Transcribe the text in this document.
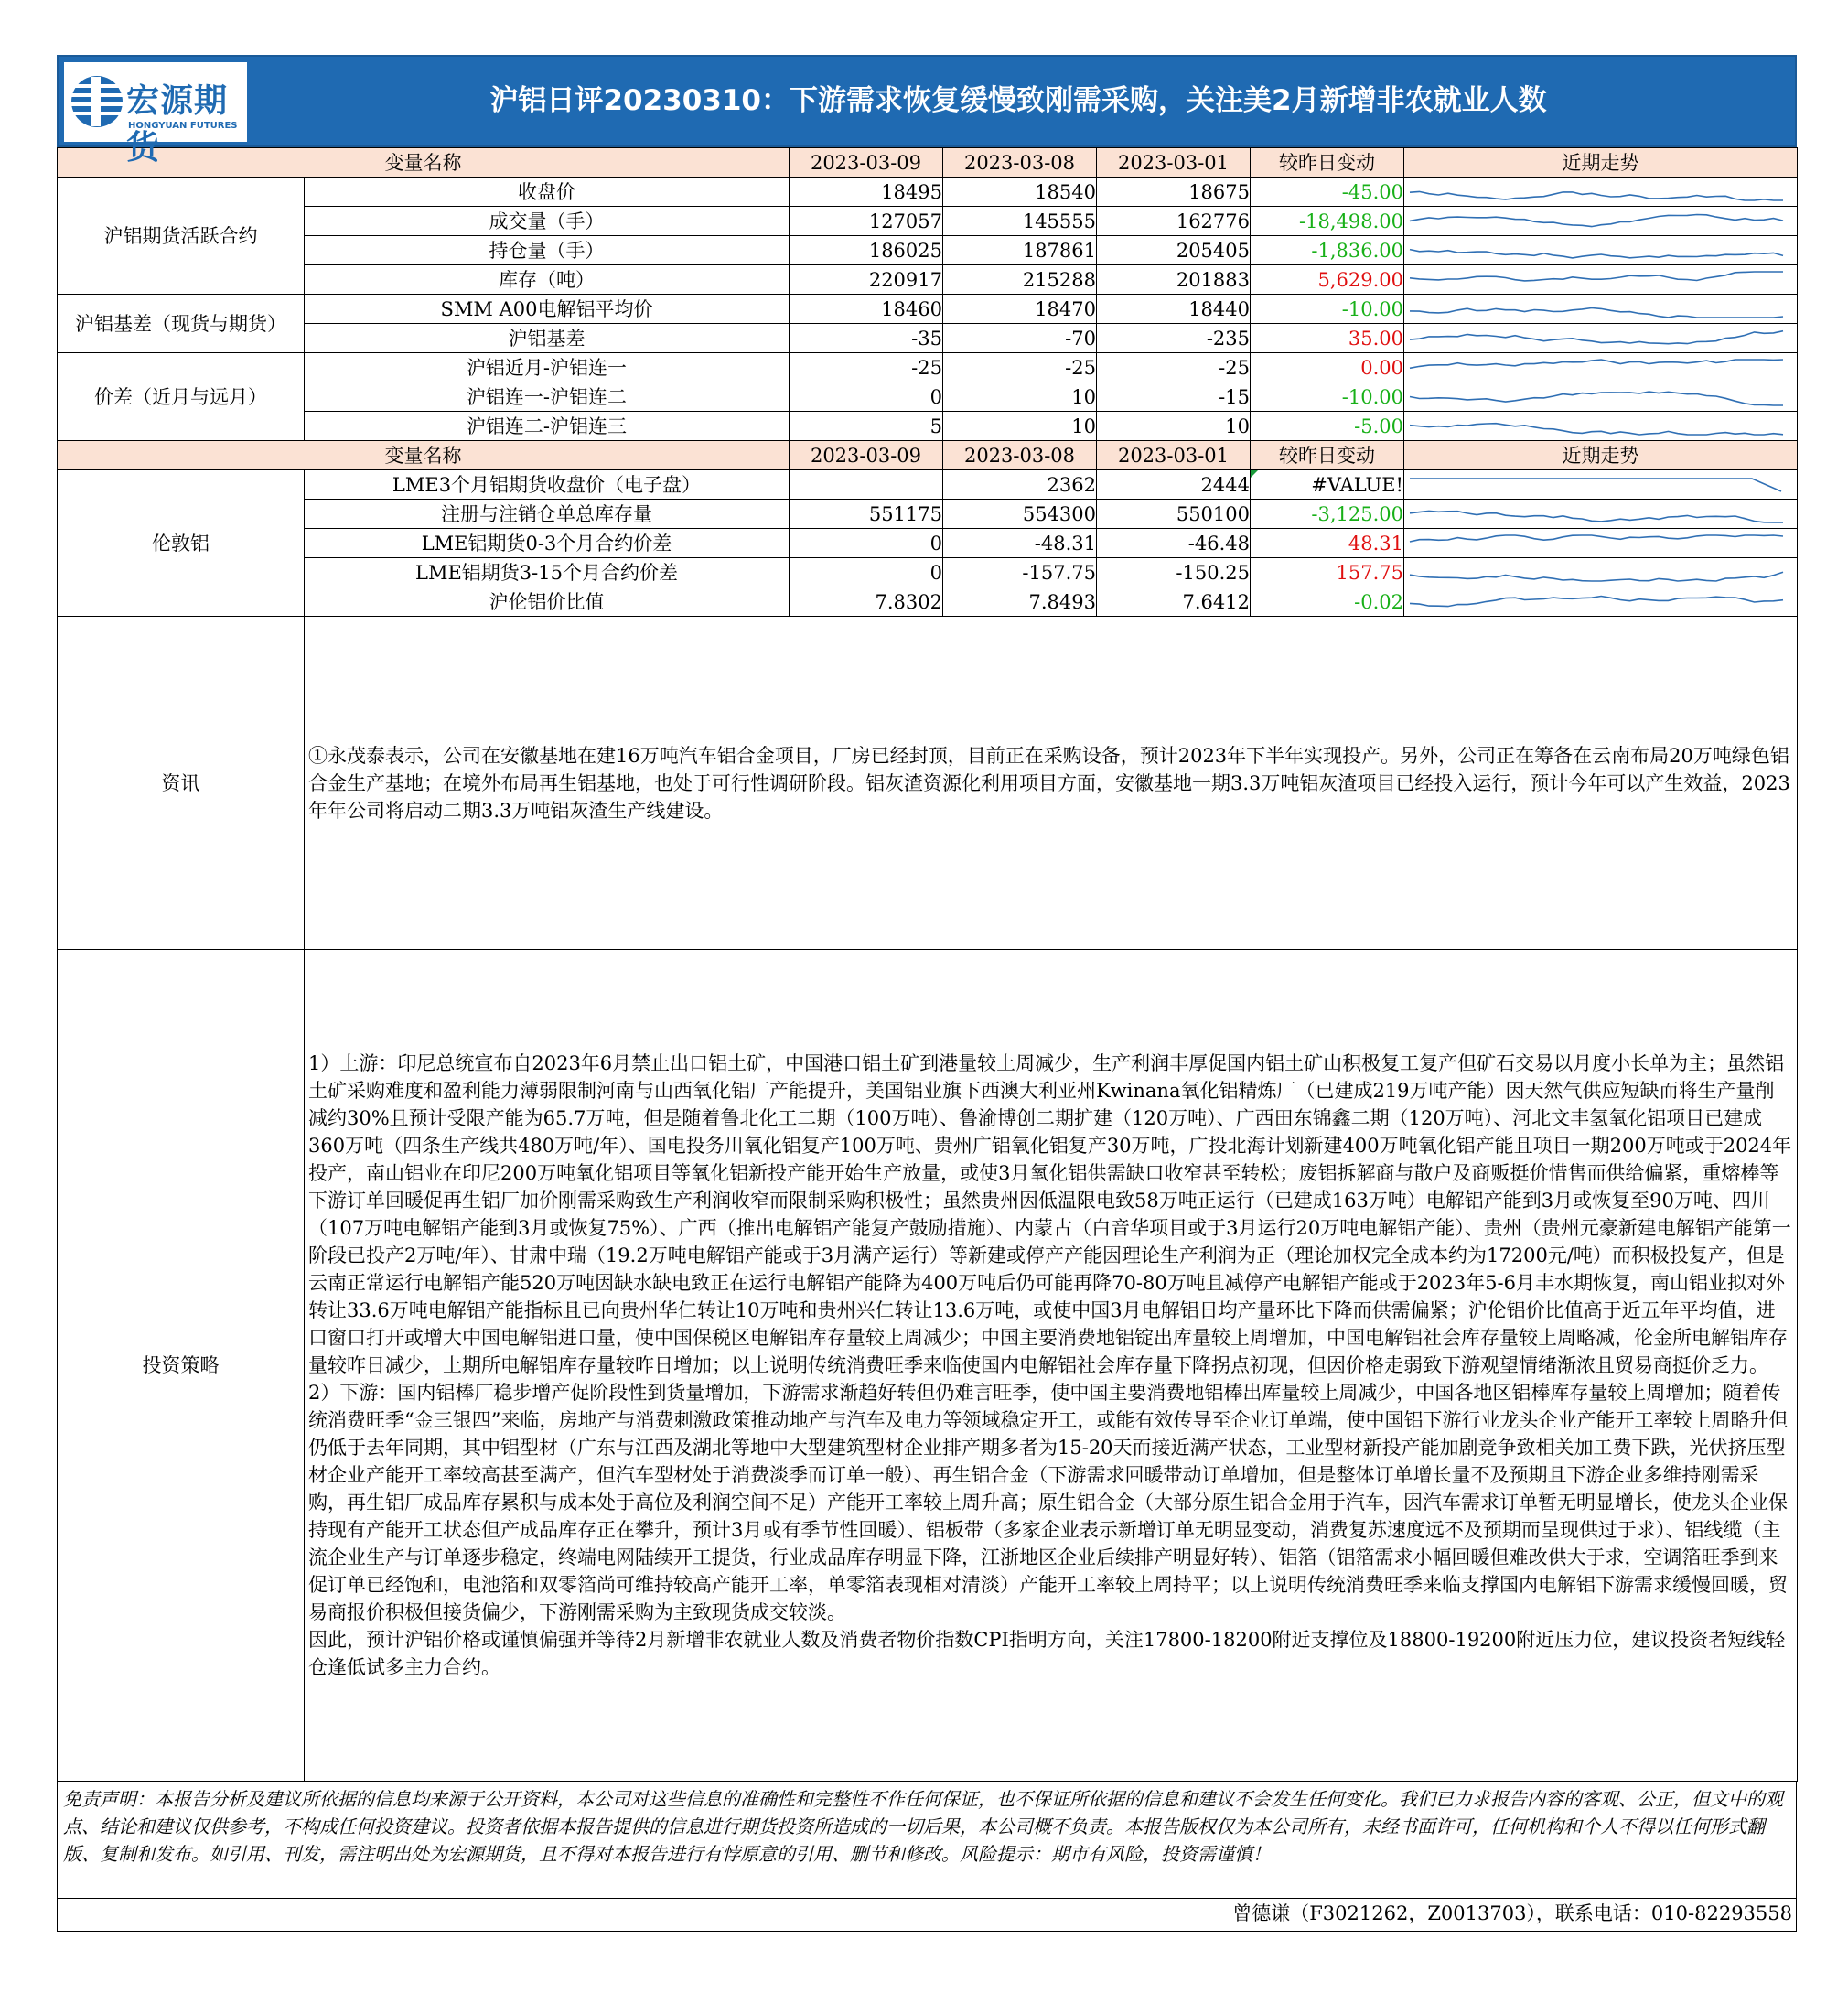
宏源期货
HONGYUAN FUTURES
沪铝日评20230310：下游需求恢复缓慢致刚需采购，关注美2月新增非农就业人数
变量名称		2023-03-09	2023-03-08	2023-03-01	较昨日变动	近期走势
沪铝期货活跃合约	收盘价	18495	18540	18675	-45.00	

	成交量（手）	127057	145555	162776	-18,498.00	

	持仓量（手）	186025	187861	205405	-1,836.00	

	库存（吨）	220917	215288	201883	5,629.00	

沪铝基差（现货与期货）	SMM A00电解铝平均价	18460	18470	18440	-10.00	

	沪铝基差	-35	-70	-235	35.00	

价差（近月与远月）	沪铝近月-沪铝连一	-25	-25	-25	0.00	

	沪铝连一-沪铝连二	0	10	-15	-10.00	

	沪铝连二-沪铝连三	5	10	10	-5.00	

变量名称		2023-03-09	2023-03-08	2023-03-01	较昨日变动	近期走势
伦敦铝	LME3个月铝期货收盘价（电子盘）		2362	2444	#VALUE!	

	注册与注销仓单总库存量	551175	554300	550100	-3,125.00	

	LME铝期货0-3个月合约价差	0	-48.31	-46.48	48.31	

	LME铝期货3-15个月合约价差	0	-157.75	-150.25	157.75	

	沪伦铝价比值	7.8302	7.8493	7.6412	-0.02	

资讯	①永茂泰表示，公司在安徽基地在建16万吨汽车铝合金项目，厂房已经封顶，目前正在采购设备，预计2023年下半年实现投产。另外，公司正在筹备在云南布局20万吨绿色铝合金生产基地；在境外布局再生铝基地，也处于可行性调研阶段。铝灰渣资源化利用项目方面，安徽基地一期3.3万吨铝灰渣项目已经投入运行，预计今年可以产生效益，2023年年公司将启动二期3.3万吨铝灰渣生产线建设。					

投资策略	1）上游：印尼总统宣布自2023年6月禁止出口铝土矿，中国港口铝土矿到港量较上周减少，生产利润丰厚促国内铝土矿山积极复工复产但矿石交易以月度小长单为主；虽然铝土矿采购难度和盈利能力薄弱限制河南与山西氧化铝厂产能提升，美国铝业旗下西澳大利亚州Kwinana氧化铝精炼厂（已建成219万吨产能）因天然气供应短缺而将生产量削减约30%且预计受限产能为65.7万吨，但是随着鲁北化工二期（100万吨）、鲁渝博创二期扩建（120万吨）、广西田东锦鑫二期（120万吨）、河北文丰氢氧化铝项目已建成360万吨（四条生产线共480万吨/年）、国电投务川氧化铝复产100万吨、贵州广铝氧化铝复产30万吨，广投北海计划新建400万吨氧化铝产能且项目一期200万吨或于2024年投产，南山铝业在印尼200万吨氧化铝项目等氧化铝新投产能开始生产放量，或使3月氧化铝供需缺口收窄甚至转松；废铝拆解商与散户及商贩挺价惜售而供给偏紧，重熔棒等下游订单回暖促再生铝厂加价刚需采购致生产利润收窄而限制采购积极性；虽然贵州因低温限电致58万吨正运行（已建成163万吨）电解铝产能到3月或恢复至90万吨、四川（107万吨电解铝产能到3月或恢复75%）、广西（推出电解铝产能复产鼓励措施）、内蒙古（白音华项目或于3月运行20万吨电解铝产能）、贵州（贵州元豪新建电解铝产能第一阶段已投产2万吨/年）、甘肃中瑞（19.2万吨电解铝产能或于3月满产运行）等新建或停产产能因理论生产利润为正（理论加权完全成本约为17200元/吨）而积极投复产，但是云南正常运行电解铝产能520万吨因缺水缺电致正在运行电解铝产能降为400万吨后仍可能再降70-80万吨且减停产电解铝产能或于2023年5-6月丰水期恢复，南山铝业拟对外转让33.6万吨电解铝产能指标且已向贵州华仁转让10万吨和贵州兴仁转让13.6万吨，或使中国3月电解铝日均产量环比下降而供需偏紧；沪伦铝价比值高于近五年平均值，进口窗口打开或增大中国电解铝进口量，使中国保税区电解铝库存量较上周减少；中国主要消费地铝锭出库量较上周增加，中国电解铝社会库存量较上周略减，伦金所电解铝库存量较昨日减少，上期所电解铝库存量较昨日增加；以上说明传统消费旺季来临使国内电解铝社会库存量下降拐点初现，但因价格走弱致下游观望情绪渐浓且贸易商挺价乏力。
2）下游：国内铝棒厂稳步增产促阶段性到货量增加，下游需求渐趋好转但仍难言旺季，使中国主要消费地铝棒出库量较上周减少，中国各地区铝棒库存量较上周增加；随着传统消费旺季“金三银四”来临，房地产与消费刺激政策推动地产与汽车及电力等领域稳定开工，或能有效传导至企业订单端，使中国铝下游行业龙头企业产能开工率较上周略升但仍低于去年同期，其中铝型材（广东与江西及湖北等地中大型建筑型材企业排产期多者为15-20天而接近满产状态，工业型材新投产能加剧竞争致相关加工费下跌，光伏挤压型材企业产能开工率较高甚至满产，但汽车型材处于消费淡季而订单一般）、再生铝合金（下游需求回暖带动订单增加，但是整体订单增长量不及预期且下游企业多维持刚需采购，再生铝厂成品库存累积与成本处于高位及利润空间不足）产能开工率较上周升高；原生铝合金（大部分原生铝合金用于汽车，因汽车需求订单暂无明显增长，使龙头企业保持现有产能开工状态但产成品库存正在攀升，预计3月或有季节性回暖）、铝板带（多家企业表示新增订单无明显变动，消费复苏速度远不及预期而呈现供过于求）、铝线缆（主流企业生产与订单逐步稳定，终端电网陆续开工提货，行业成品库存明显下降，江浙地区企业后续排产明显好转）、铝箔（铝箔需求小幅回暖但难改供大于求，空调箔旺季到来促订单已经饱和，电池箔和双零箔尚可维持较高产能开工率，单零箔表现相对清淡）产能开工率较上周持平；以上说明传统消费旺季来临支撑国内电解铝下游需求缓慢回暖，贸易商报价积极但接货偏少，下游刚需采购为主致现货成交较淡。
因此，预计沪铝价格或谨慎偏强并等待2月新增非农就业人数及消费者物价指数CPI指明方向，关注17800-18200附近支撑位及18800-19200附近压力位，建议投资者短线轻仓逢低试多主力合约。					
免责声明：本报告分析及建议所依据的信息均来源于公开资料，本公司对这些信息的准确性和完整性不作任何保证，也不保证所依据的信息和建议不会发生任何变化。我们已力求报告内容的客观、公正，但文中的观点、结论和建议仅供参考，不构成任何投资建议。投资者依据本报告提供的信息进行期货投资所造成的一切后果，本公司概不负责。本报告版权仅为本公司所有，未经书面许可，任何机构和个人不得以任何形式翻版、复制和发布。如引用、刊发，需注明出处为宏源期货，且不得对本报告进行有悖原意的引用、删节和修改。风险提示：期市有风险，投资需谨慎！
曾德谦（F3021262，Z0013703），联系电话：010-82293558
